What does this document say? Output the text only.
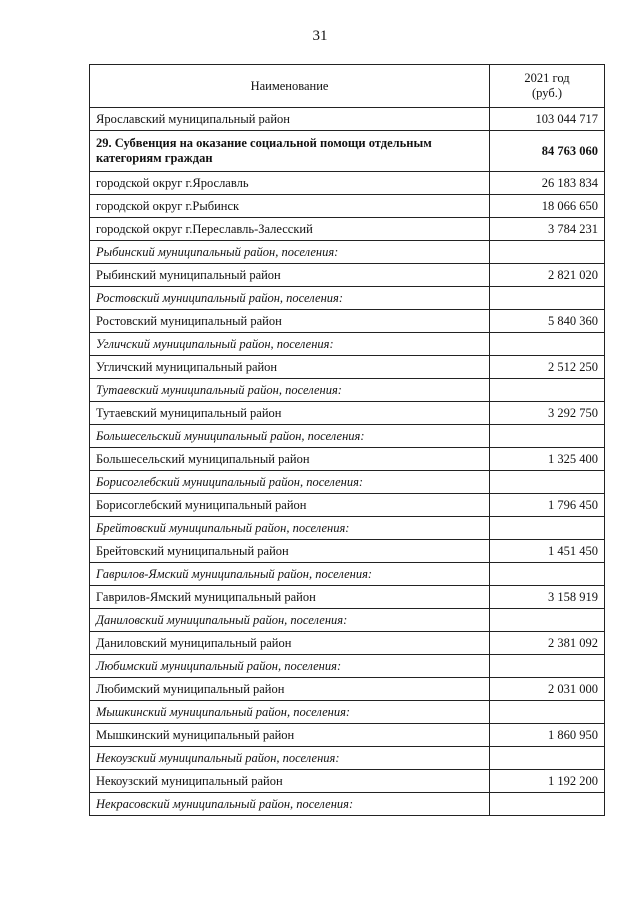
31
Наименование	2021 год
(руб.)
Ярославский муниципальный район	103 044 717
29. Субвенция на оказание социальной помощи отдельным категориям граждан	84 763 060
городской округ г.Ярославль	26 183 834
городской округ г.Рыбинск	18 066 650
городской округ г.Переславль-Залесский	3 784 231
Рыбинский муниципальный район, поселения:	
Рыбинский муниципальный район	2 821 020
Ростовский муниципальный район, поселения:	
Ростовский муниципальный район	5 840 360
Угличский муниципальный район, поселения:	
Угличский муниципальный район	2 512 250
Тутаевский муниципальный район, поселения:	
Тутаевский муниципальный район	3 292 750
Большесельский муниципальный район, поселения:	
Большесельский муниципальный район	1 325 400
Борисоглебский муниципальный район, поселения:	
Борисоглебский муниципальный район	1 796 450
Брейтовский муниципальный район, поселения:	
Брейтовский муниципальный район	1 451 450
Гаврилов-Ямский муниципальный район, поселения:	
Гаврилов-Ямский муниципальный район	3 158 919
Даниловский муниципальный район, поселения:	
Даниловский муниципальный район	2 381 092
Любимский муниципальный район, поселения:	
Любимский муниципальный район	2 031 000
Мышкинский муниципальный район, поселения:	
Мышкинский муниципальный район	1 860 950
Некоузский муниципальный район, поселения:	
Некоузский муниципальный район	1 192 200
Некрасовский муниципальный район, поселения:	
